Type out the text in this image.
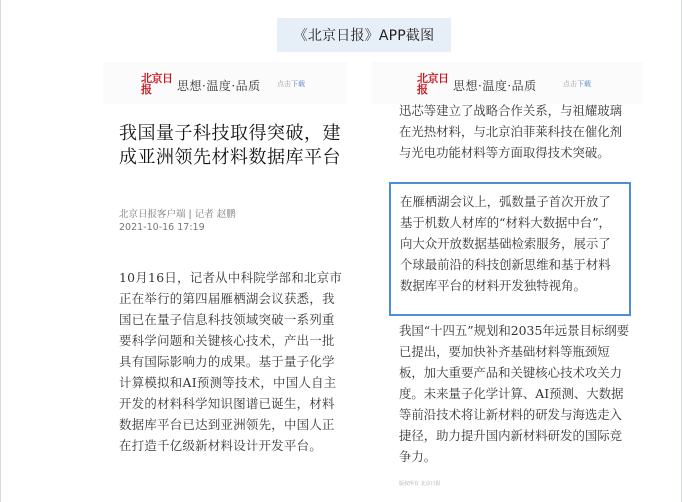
《北京日报》APP截图
北京日报	思想·温度·品质 点击下载
我国量子科技取得突破，建成亚洲领先材料数据库平台
北京日报客户端 | 记者 赵鹏
2021-10-16 17:19
10月16日，记者从中科院学部和北京市正在举行的第四届雁栖湖会议获悉，我国已在量子信息科技领域突破一系列重要科学问题和关键核心技术，产出一批具有国际影响力的成果。基于量子化学计算模拟和AI预测等技术，中国人自主开发的材料科学知识图谱已诞生，材料数据库平台已达到亚洲领先，中国人正在打造千亿级新材料设计开发平台。
北京日报	思想·温度·品质	点击下载
迅芯等建立了战略合作关系，与祖耀玻璃在光热材料，与北京泊菲莱科技在催化剂与光电功能材料等方面取得技术突破。
在雁栖湖会议上，弧数量子首次开放了基于机数人材库的“材料大数据中台”，向大众开放数据基础检索服务，展示了个球最前沿的科技创新思维和基于材料数据库平台的材料开发独特视角。
我国“十四五”规划和2035年远景目标纲要已提出，要加快补齐基础材料等瓶颈短板，加大重要产品和关键核心技术攻关力度。未来量子化学计算、AI预测、大数据等前沿技术将让新材料的研发与海选走入捷径，助力提升国内新材料研发的国际竞争力。
版权所有 北京日报
